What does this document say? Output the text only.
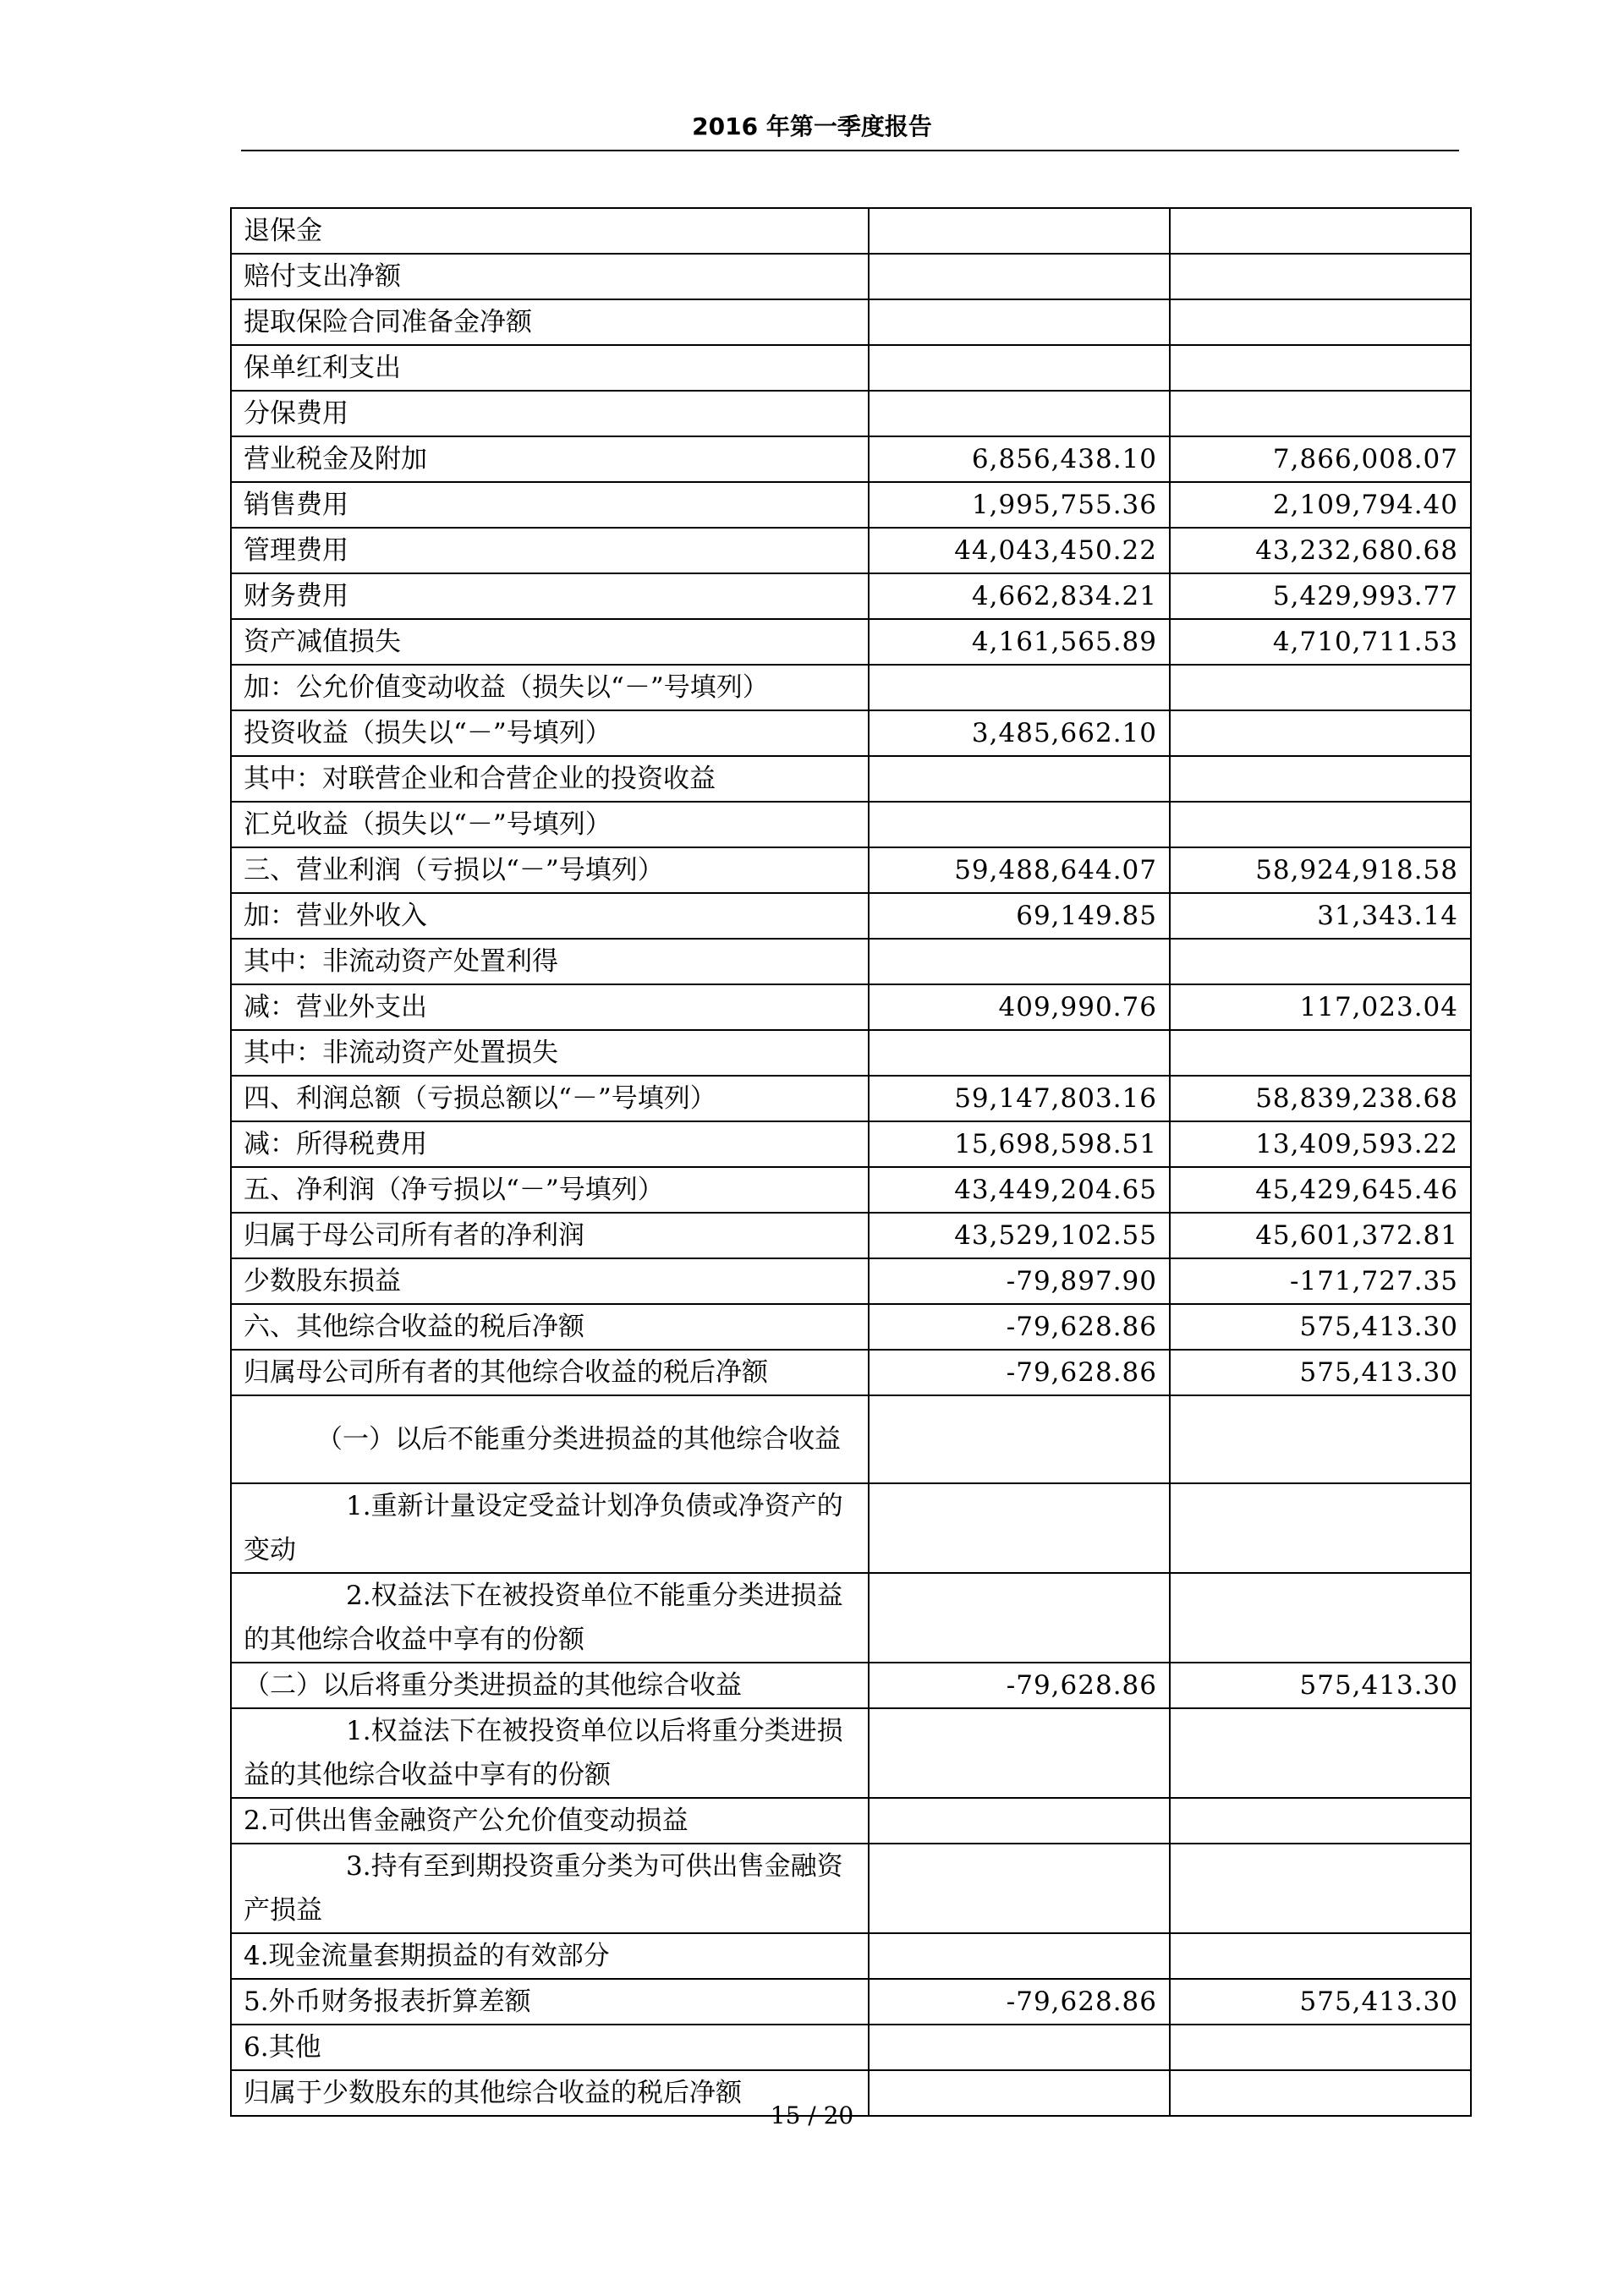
2016 年第一季度报告
退保金		
赔付支出净额		
提取保险合同准备金净额		
保单红利支出		
分保费用		
营业税金及附加	6,856,438.10	7,866,008.07
销售费用	1,995,755.36	2,109,794.40
管理费用	44,043,450.22	43,232,680.68
财务费用	4,662,834.21	5,429,993.77
资产减值损失	4,161,565.89	4,710,711.53
加：公允价值变动收益（损失以“－”号填列）		
投资收益（损失以“－”号填列）	3,485,662.10	
其中：对联营企业和合营企业的投资收益		
汇兑收益（损失以“－”号填列）		
三、营业利润（亏损以“－”号填列）	59,488,644.07	58,924,918.58
加：营业外收入	69,149.85	31,343.14
其中：非流动资产处置利得		
减：营业外支出	409,990.76	117,023.04
其中：非流动资产处置损失		
四、利润总额（亏损总额以“－”号填列）	59,147,803.16	58,839,238.68
减：所得税费用	15,698,598.51	13,409,593.22
五、净利润（净亏损以“－”号填列）	43,449,204.65	45,429,645.46
归属于母公司所有者的净利润	43,529,102.55	45,601,372.81
少数股东损益	-79,897.90	-171,727.35
六、其他综合收益的税后净额	-79,628.86	575,413.30
归属母公司所有者的其他综合收益的税后净额	-79,628.86	575,413.30
（一）以后不能重分类进损益的其他综合收益		
1.重新计量设定受益计划净负债或净资产的变动		
2.权益法下在被投资单位不能重分类进损益的其他综合收益中享有的份额		
（二）以后将重分类进损益的其他综合收益	-79,628.86	575,413.30
1.权益法下在被投资单位以后将重分类进损益的其他综合收益中享有的份额		
2.可供出售金融资产公允价值变动损益		
3.持有至到期投资重分类为可供出售金融资产损益		
4.现金流量套期损益的有效部分		
5.外币财务报表折算差额	-79,628.86	575,413.30
6.其他		
归属于少数股东的其他综合收益的税后净额		
15 / 20
